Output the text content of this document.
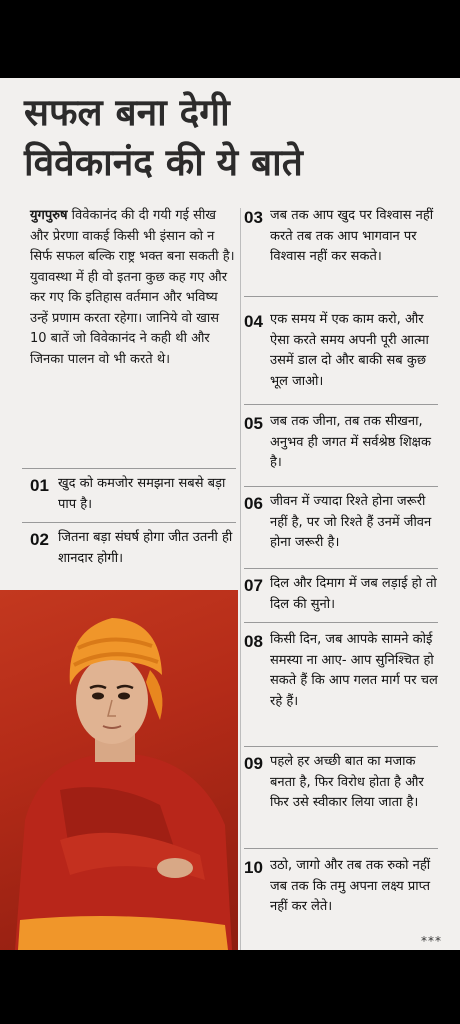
सफल बना देगी
विवेकानंद की ये बाते
युगपुरुष विवेकानंद की दी गयी गई सीख और प्रेरणा वाकई किसी भी इंसान को न सिर्फ सफल बल्कि राष्ट्र भक्त बना सकती है। युवावस्था में ही वो इतना कुछ कह गए और कर गए कि इतिहास वर्तमान और भविष्य उन्हें प्रणाम करता रहेगा। जानिये वो खास 10 बातें जो विवेकानंद ने कही थी और जिनका पालन वो भी करते थे।
01 खुद को कमजोर समझना सबसे बड़ा पाप है।
02 जितना बड़ा संघर्ष होगा जीत उतनी ही शानदार होगी।
03 जब तक आप खुद पर विश्वास नहीं करते तब तक आप भागवान पर विश्वास नहीं कर सकते।
04 एक समय में एक काम करो, और ऐसा करते समय अपनी पूरी आत्मा उसमें डाल दो और बाकी सब कुछ भूल जाओ।
05 जब तक जीना, तब तक सीखना, अनुभव ही जगत में सर्वश्रेष्ठ शिक्षक है।
06 जीवन में ज्यादा रिश्ते होना जरूरी नहीं है, पर जो रिश्ते हैं उनमें जीवन होना जरूरी है।
07 दिल और दिमाग में जब लड़ाई हो तो दिल की सुनो।
08 किसी दिन, जब आपके सामने कोई समस्या ना आए- आप सुनिश्चित हो सकते हैं कि आप गलत मार्ग पर चल रहे हैं।
09 पहले हर अच्छी बात का मजाक बनता है, फिर विरोध होता है और फिर उसे स्वीकार लिया जाता है।
10 उठो, जागो और तब तक रुको नहीं जब तक कि तमु अपना लक्ष्य प्राप्त नहीं कर लेते।
***
